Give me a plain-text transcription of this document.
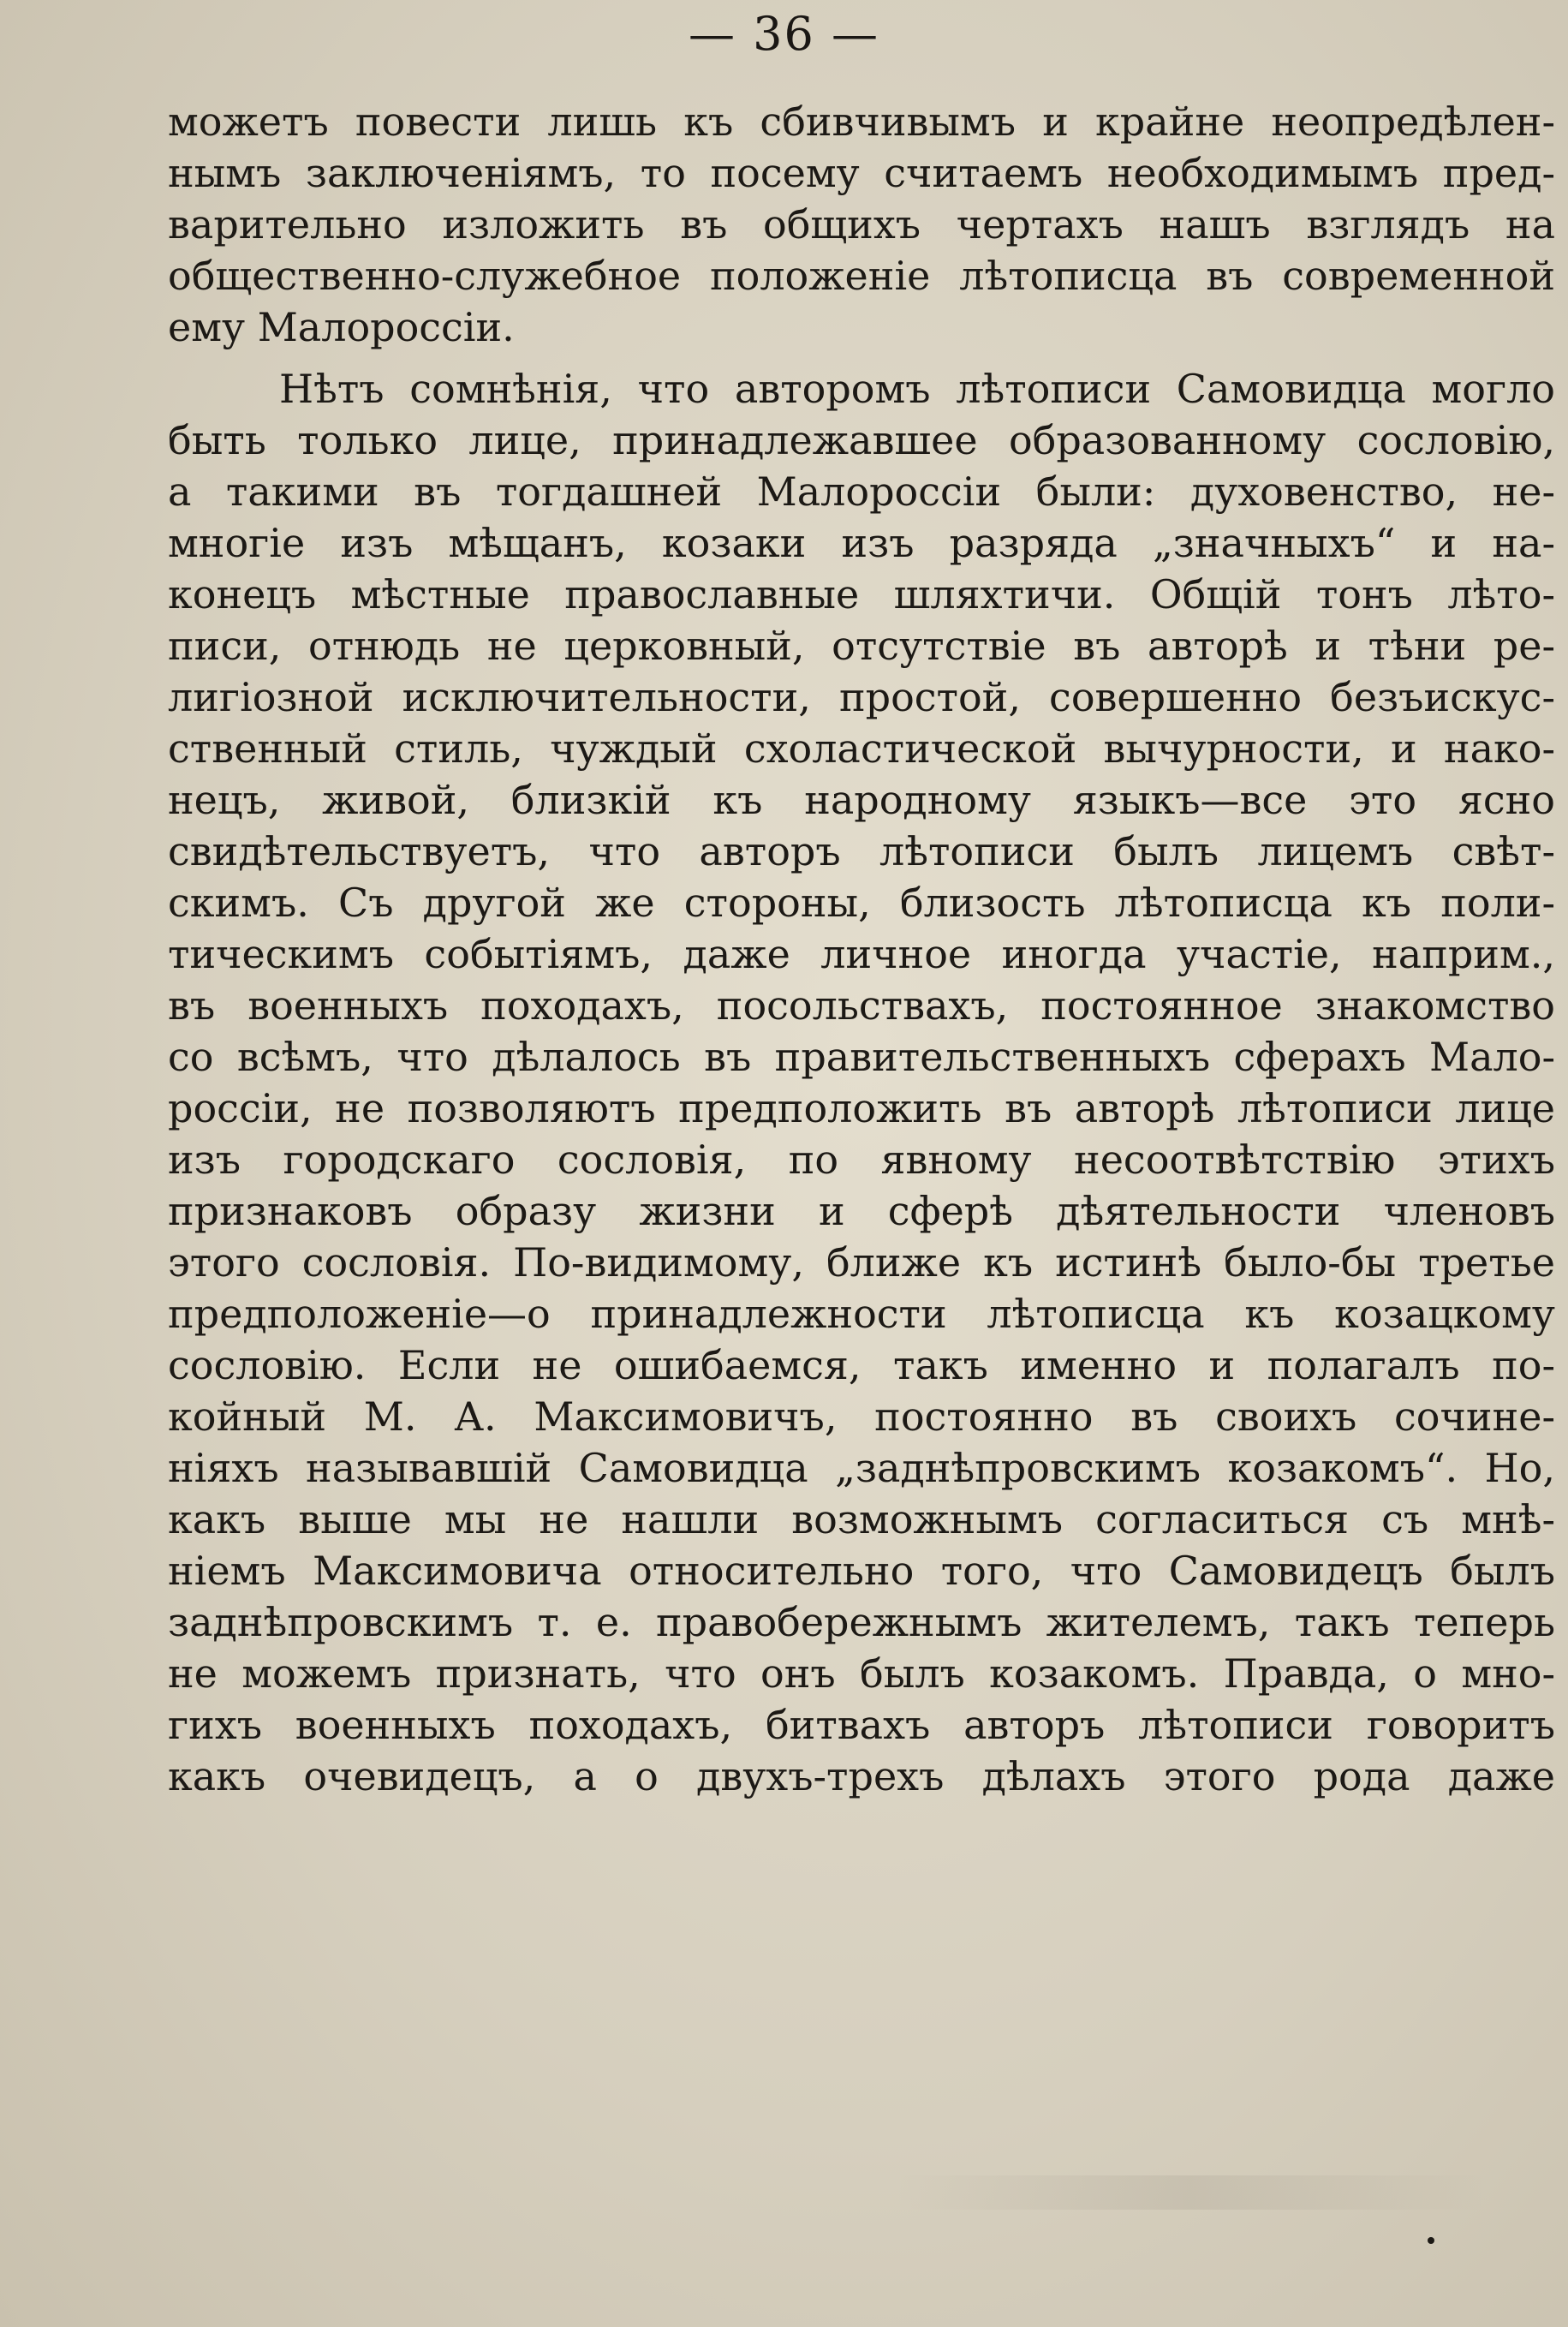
— 36 —
можетъ повести лишь къ сбивчивымъ и крайне неопредѣлен-
нымъ заключеніямъ, то посему считаемъ необходимымъ пред-
варительно изложить въ общихъ чертахъ нашъ взглядъ на
общественно-служебное положеніе лѣтописца въ современной
ему Малороссіи.
Нѣтъ сомнѣнія, что авторомъ лѣтописи Самовидца могло
быть только лице, принадлежавшее образованному сословію,
а такими въ тогдашней Малороссіи были: духовенство, не-
многіе изъ мѣщанъ, козаки изъ разряда „значныхъ“ и на-
конецъ мѣстные православные шляхтичи. Общій тонъ лѣто-
писи, отнюдь не церковный, отсутствіе въ авторѣ и тѣни ре-
лигіозной исключительности, простой, совершенно безъискус-
ственный стиль, чуждый схоластической вычурности, и нако-
нецъ, живой, близкій къ народному языкъ—все это ясно
свидѣтельствуетъ, что авторъ лѣтописи былъ лицемъ свѣт-
скимъ. Съ другой же стороны, близость лѣтописца къ поли-
тическимъ событіямъ, даже личное иногда участіе, наприм.,
въ военныхъ походахъ, посольствахъ, постоянное знакомство
со всѣмъ, что дѣлалось въ правительственныхъ сферахъ Мало-
россіи, не позволяютъ предположить въ авторѣ лѣтописи лице
изъ городскаго сословія, по явному несоотвѣтствію этихъ
признаковъ образу жизни и сферѣ дѣятельности членовъ
этого сословія. По-видимому, ближе къ истинѣ было-бы третье
предположеніе—о принадлежности лѣтописца къ козацкому
сословію. Если не ошибаемся, такъ именно и полагалъ по-
койный М. А. Максимовичъ, постоянно въ своихъ сочине-
ніяхъ называвшій Самовидца „заднѣпровскимъ козакомъ“. Но,
какъ выше мы не нашли возможнымъ согласиться съ мнѣ-
ніемъ Максимовича относительно того, что Самовидецъ былъ
заднѣпровскимъ т. е. правобережнымъ жителемъ, такъ теперь
не можемъ признать, что онъ былъ козакомъ. Правда, о мно-
гихъ военныхъ походахъ, битвахъ авторъ лѣтописи говоритъ
какъ очевидецъ, а о двухъ-трехъ дѣлахъ этого рода даже
